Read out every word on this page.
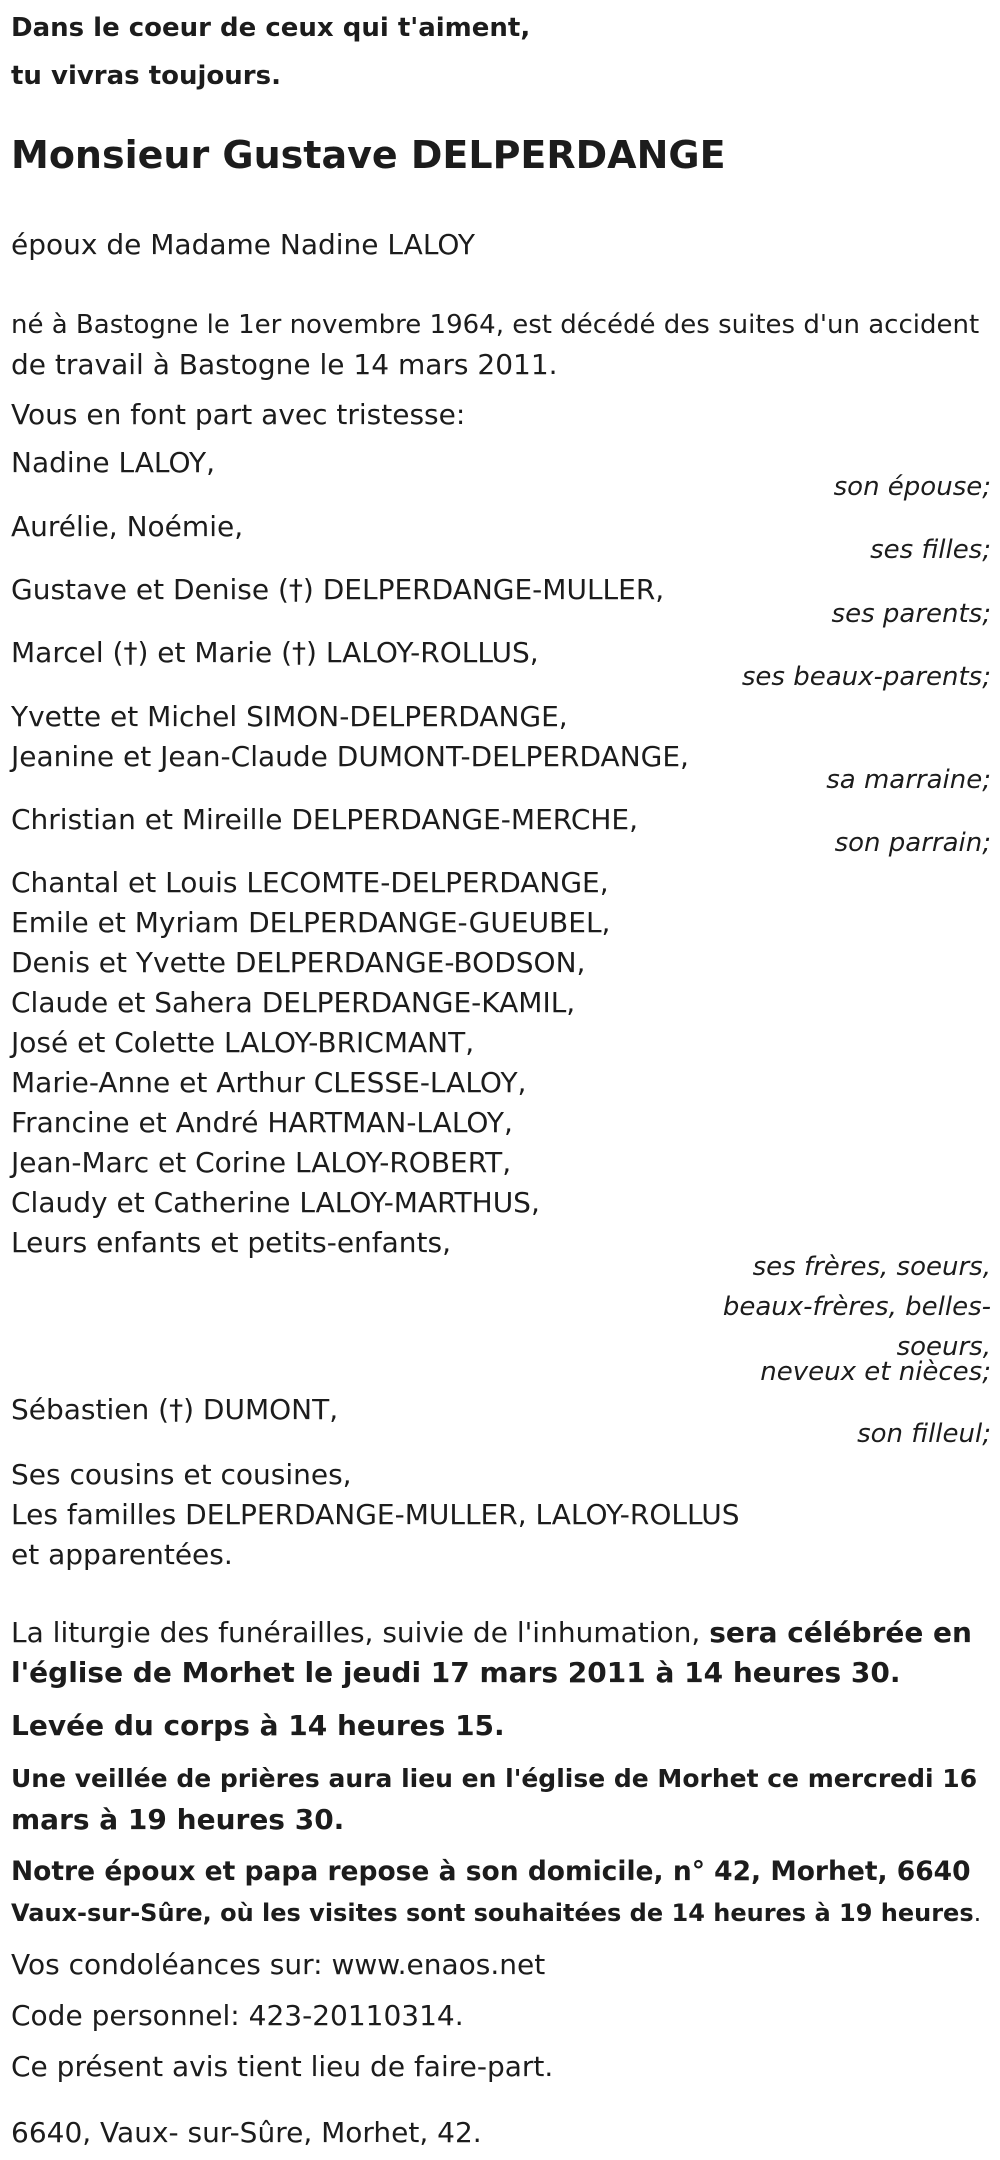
Dans le coeur de ceux qui t'aiment,
tu vivras toujours.
Monsieur Gustave DELPERDANGE
époux de Madame Nadine LALOY
né à Bastogne le 1er novembre 1964, est décédé des suites d'un accident
de travail à Bastogne le 14 mars 2011.
Vous en font part avec tristesse:
Nadine LALOY,
Aurélie, Noémie,
Gustave et Denise (†) DELPERDANGE-MULLER,
Marcel (†) et Marie (†) LALOY-ROLLUS,
Yvette et Michel SIMON-DELPERDANGE,
Jeanine et Jean-Claude DUMONT-DELPERDANGE,
Christian et Mireille DELPERDANGE-MERCHE,
Chantal et Louis LECOMTE-DELPERDANGE,
Emile et Myriam DELPERDANGE-GUEUBEL,
Denis et Yvette DELPERDANGE-BODSON,
Claude et Sahera DELPERDANGE-KAMIL,
José et Colette LALOY-BRICMANT,
Marie-Anne et Arthur CLESSE-LALOY,
Francine et André HARTMAN-LALOY,
Jean-Marc et Corine LALOY-ROBERT,
Claudy et Catherine LALOY-MARTHUS,
Leurs enfants et petits-enfants,
Sébastien (†) DUMONT,
Ses cousins et cousines,
Les familles DELPERDANGE-MULLER, LALOY-ROLLUS
et apparentées.
son épouse;
ses filles;
ses parents;
ses beaux-parents;
sa marraine;
son parrain;
ses frères, soeurs,
beaux-frères, belles-
soeurs,
neveux et nièces;
son filleul;
La liturgie des funérailles, suivie de l'inhumation, sera célébrée en
l'église de Morhet le jeudi 17 mars 2011 à 14 heures 30.
Levée du corps à 14 heures 15.
Une veillée de prières aura lieu en l'église de Morhet ce mercredi 16
mars à 19 heures 30.
Notre époux et papa repose à son domicile, n° 42, Morhet, 6640
Vaux-sur-Sûre, où les visites sont souhaitées de 14 heures à 19 heures.
Vos condoléances sur: www.enaos.net
Code personnel: 423-20110314.
Ce présent avis tient lieu de faire-part.
6640, Vaux- sur-Sûre, Morhet, 42.
